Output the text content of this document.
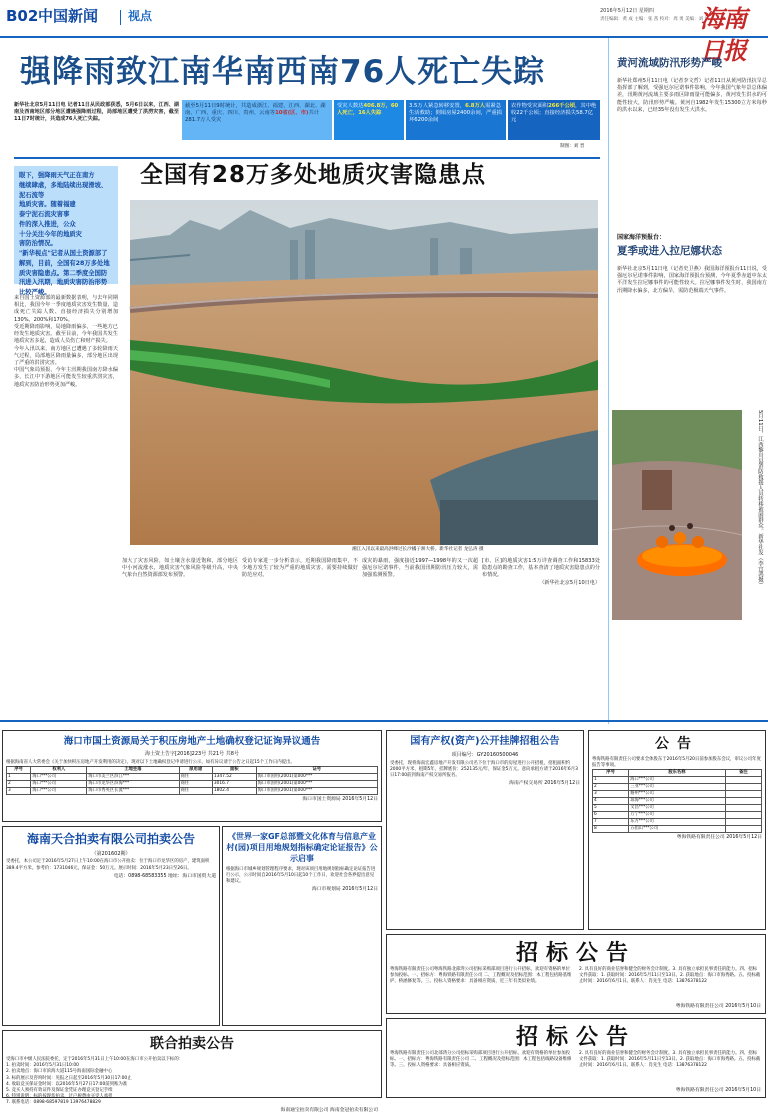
B02 中国新闻 视点	2016年5月12日 星期四
责任编辑：黄 成 主编：张 茜 校对：周 勇 美编：刘 洁
海南日报
强降雨致江南华南西南76人死亡失踪
新华社北京5月11日电 记者11日从民政部获悉，5月6日以来，江西、湖南及西南地区部分地区遭遇强降雨过程，局部地区遭受了洪涝灾害，截至11日7时统计，共造成76人死亡失踪。
截至5月11日9时统计，共造成浙江、福建、江西、湖北、湖南、广西、重庆、四川、贵州、云南等10省(区、市)共计281.7万人受灾
受灾人数达406.8万，60人死亡，16人失踪
3.5万人紧急转移安置，6.8万人需紧急生活救助；倒塌房屋2400余间，严重损坏6200余间
农作物受灾面积266千公顷，其中绝收22千公顷；直接经济损失58.7亿元
制图：刘 晋
眼下，强降雨天气正在南方
继续肆虐，多地陆续出现滑坡、泥石流等
地质灾害。随着福建
泰宁泥石流灾害事
件的深入推进，公众
十分关注今年的地质灾
害防治情况。
"新华视点"记者从国土资源部了解到，目前，全国有28万多处地质灾害隐患点。第二季度全国防汛进入汛期，地质灾害防治形势比较严峻。
全国有28万多处地质灾害隐患点
湘江入汛以来最高洪峰过长沙橘子洲大桥。新华社记者 龙弘涛 摄

来自国土资源部的最新数据表明，与去年同期相比，我国今年一季度地质灾害发生数量、造成死亡失踪人数、直接经济损失分别增加130%、200%和170%。

受近期降雨影响，局地降雨偏多，一些地方已经发生地质灾害。截至目前，今年我国共发生地质灾害多起，造成人员伤亡和财产损失。

今年入汛以来，南方地区已遭遇了多轮降雨天气过程，局部地区降雨量偏多，部分地区出现了严重的洪涝灾害。

中国气象局预报，今年主汛期我国南方降水偏多，长江中下游地区可能发生较重洪涝灾害，地质灾害防治形势更加严峻。

加大了灾害风险，如土壤含水量近饱和，部分地区中小河流涨水，地质灾害气象风险等级升高，中央气象台自然资源部发布预警。

受访专家进一步分析表示，近期我国降雨集中，不少地方发生了较为严重的地质灾害，需要持续做好防范应对。

成灾的暴雨，强度接近1997—1998年的又一次超强厄尔尼诺事件，当前我国汛期防汛压力较大，需加强监测预警。

[市、区]的地质灾害1:5万详查调查工作和15833处隐患点的勘查工作，基本查清了地质灾害隐患点的分布情况。

（新华社北京5月10日电）

黄河流域防汛形势严峻
新华社郑州5月11日电（记者李文哲）记者11日从黄河防汛抗旱总指挥部了解到，受强厄尔尼诺事件影响，今年我国气象年景总体偏差，汛期黄河流域主要多雨区降雨量可能偏多，黄河发生洪水的可能性较大，防汛形势严峻。黄河自1982年发生15300立方米每秒的洪水以来，已经35年没有发生大洪水。
国家海洋预报台：
夏季或进入拉尼娜状态
新华社北京5月11日电（记者史卫燕）我国海洋预报台11日说，受强厄尔尼诺事件影响，国家海洋预报台预测，今年夏季赤道中东太平洋发生拉尼娜事件的可能性较大。拉尼娜事件发生时，我国南方汛期降水偏多，北方偏旱，需防范极端天气事件。
5月11日，江西黎川县消防救援人员转移被困群众。新华社发（李宜鸿摄）
海口市国土资源局关于积压房地产土地确权登记证询异议通告
海土资土告字[2016]223号 共21号 共8号
根据海南省人大常委会《关于加快积压房地产开发利用的决定》，现对以下土地确权登记申请进行公示，如有异议请于公告之日起15个工作日内提出。
序号	权利人	土地坐落	原用途	面积	证号
1	海口***公司	海口市美兰区滨江***	商住	1347.52	海口市国用(2001)第000***
2	海口***公司	海口市龙华区滨海***	商住	3016.7	海口市国用(2001)第000***
3	海口***公司	海口市秀英区长流***	商住	1802.4	海口市国用(2001)第000***
海口市国土资源局 2016年5月12日
海南天合拍卖有限公司拍卖公告
（第201602期）
受委托，本公司定于2016年5月27日上午10:00在海口市公开拍卖：位于海口市龙华区的房产，建筑面积389.4平方米。参考价：1731046元，保证金：50万元。展示时间：2016年5月23日至26日。
电话：0898-68583355 地址：海口市国贸大道
《世界一家GF总部暨文化体育与信息产业村(园)项目用地规划指标确定论证报告》公示启事
根据海口市城乡规划管理程序要求，现对该项目用地规划指标确定论证报告进行公示，公示时间自2016年5月10日起10个工作日，欢迎社会各界提出意见和建议。
海口市规划局 2016年5月12日
联合拍卖公告
受海口市中级人民法院委托，定于2016年5月31日上午10:00在海口市公开拍卖以下标的：
1. 拍卖时间：2016年5月31日10:00
2. 拍卖地点：海口市滨海大道115号海南国际金融中心
3. 标的展示及咨询时间：见报之日起至2016年5月30日17:00止
4. 收取竞买保证金时间：以2016年5月27日17:00前到账为准
5. 竞买人须持有效证件及保证金凭证办理竞买登记手续
6. 特别说明：标的按现状拍卖，过户税费由买受人承担
7. 联系电话：0898-68597819 13976478829
海南通宝拍卖有限公司 海南金冠拍卖有限公司
国有产权(资产)公开挂牌招租公告
项目编号：GY20160500046
受委托，现将海南宏鑫房地产开发有限公司名下位于海口市的房屋进行公开招租，招租面积约2000平方米，租期5年，挂牌底价：252135元/年，保证金5万元。意向承租方请于2016年6月3日17:00前到海南产权交易所报名。
海南产权交易所 2016年5月12日
公告
粤海铁路有限责任公司要求全体股东于2016年5月20日前参加股东会议，审议公司年度报告等事项。
序号	股东名称	备注
1	海口***公司	
2	三亚***公司	
3	儋州***公司	
4	琼海***公司	
5	文昌***公司	
6	万宁***公司	
7	东方***公司	
8	五指山***公司	
粤海铁路有限责任公司 2016年5月12日
招标公告
粤海铁路有限责任公司粤海铁路北部湾公司招标采购部项目进行公开招标，欢迎有资格的单位参加投标。一、招标方：粤海铁路有限责任公司 二、工程概况及招标范围：本工程包括路基维护、桥涵修复等。三、投标人资格要求：具备相应资质，近三年有类似业绩。
2. 具有良好的商业信誉和健全的财务会计制度。3. 具有独立承担民事责任的能力。四、招标文件获取：1. 获取时间：2016年5月11日至13日。2. 获取地点：海口市海秀路。五、投标截止时间：2016年6月1日。联系人：肖先生 电话：13876378122
粤海铁路有限责任公司 2016年5月10日
招标公告
粤海铁路有限责任公司北部湾分公司招标采购部项目进行公开招标，欢迎有资格的单位参加投标。一、招标方：粤海铁路有限责任公司 二、工程概况及招标范围：本工程包括线路设备维修等。三、投标人资格要求：具备相应资质。
2. 具有良好的商业信誉和健全的财务会计制度。3. 具有独立承担民事责任的能力。四、招标文件获取：1. 获取时间：2016年5月11日至13日。2. 获取地点：海口市海秀路。五、投标截止时间：2016年6月1日。联系人：肖先生 电话：13876378122
粤海铁路有限责任公司 2016年5月10日
